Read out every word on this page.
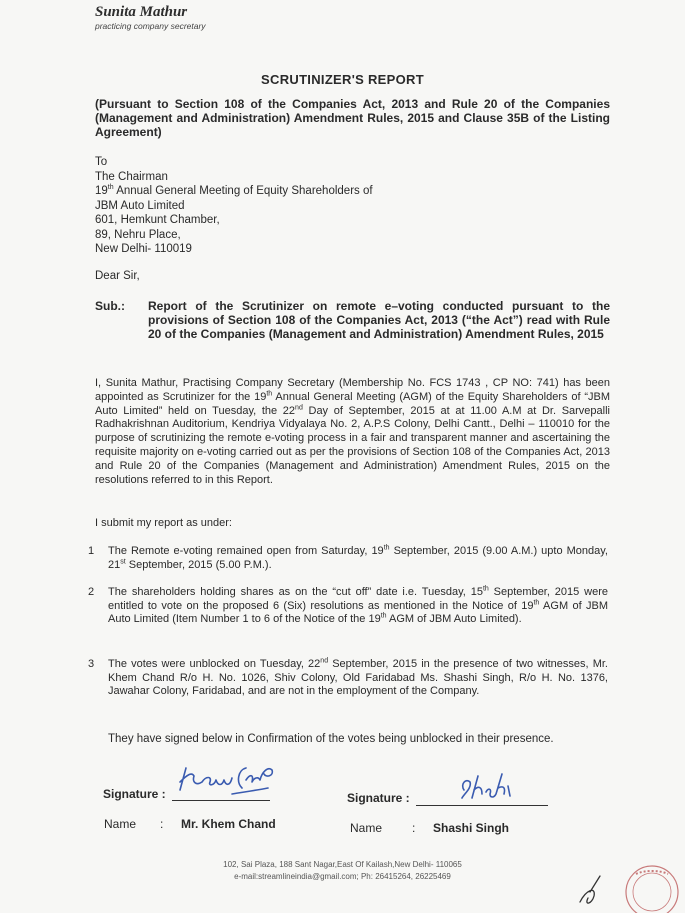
Sunita Mathur
practicing company secretary
SCRUTINIZER'S REPORT
(Pursuant to Section 108 of the Companies Act, 2013 and Rule 20 of the Companies (Management and Administration) Amendment Rules, 2015 and Clause 35B of the Listing Agreement)
To
The Chairman
19th Annual General Meeting of Equity Shareholders of
JBM Auto Limited
601, Hemkunt Chamber,
89, Nehru Place,
New Delhi- 110019
Dear Sir,
Sub.: Report of the Scrutinizer on remote e–voting conducted pursuant to the provisions of Section 108 of the Companies Act, 2013 (“the Act”) read with Rule 20 of the Companies (Management and Administration) Amendment Rules, 2015
I, Sunita Mathur, Practising Company Secretary (Membership No. FCS 1743 , CP NO: 741) has been appointed as Scrutinizer for the 19th Annual General Meeting (AGM) of the Equity Shareholders of “JBM Auto Limited” held on Tuesday, the 22nd Day of September, 2015 at at 11.00 A.M at Dr. Sarvepalli Radhakrishnan Auditorium, Kendriya Vidyalaya No. 2, A.P.S Colony, Delhi Cantt., Delhi – 110010 for the purpose of scrutinizing the remote e-voting process in a fair and transparent manner and ascertaining the requisite majority on e-voting carried out as per the provisions of Section 108 of the Companies Act, 2013 and Rule 20 of the Companies (Management and Administration) Amendment Rules, 2015 on the resolutions referred to in this Report.
I submit my report as under:
1 The Remote e-voting remained open from Saturday, 19th September, 2015 (9.00 A.M.) upto Monday, 21st September, 2015 (5.00 P.M.).
2 The shareholders holding shares as on the “cut off” date i.e. Tuesday, 15th September, 2015 were entitled to vote on the proposed 6 (Six) resolutions as mentioned in the Notice of 19th AGM of JBM Auto Limited (Item Number 1 to 6 of the Notice of the 19th AGM of JBM Auto Limited).
3 The votes were unblocked on Tuesday, 22nd September, 2015 in the presence of two witnesses, Mr. Khem Chand R/o H. No. 1026, Shiv Colony, Old Faridabad Ms. Shashi Singh, R/o H. No. 1376, Jawahar Colony, Faridabad, and are not in the employment of the Company.
They have signed below in Confirmation of the votes being unblocked in their presence.
Signature :	Signature :
Name : Mr. Khem Chand	Name : Shashi Singh
102, Sai Plaza, 188 Sant Nagar,East Of Kailash,New Delhi- 110065
e-mail:streamlineindia@gmail.com; Ph: 26415264, 26225469
